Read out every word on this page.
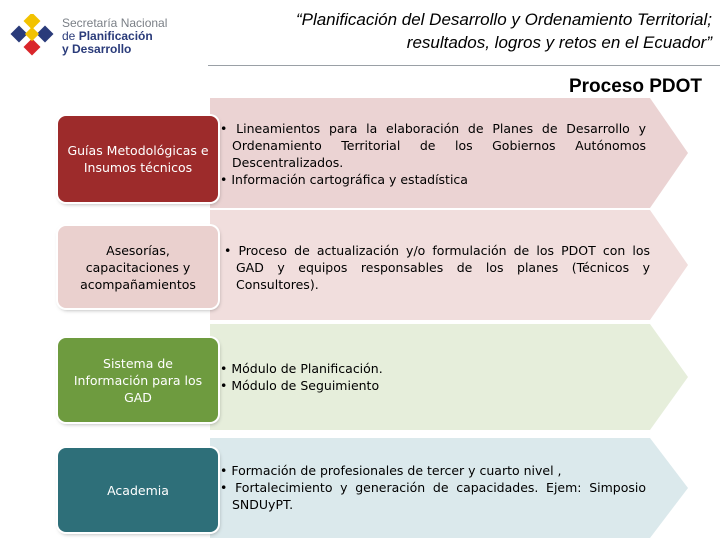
Secretaría Nacional
de Planificación
y Desarrollo
“Planificación del Desarrollo y Ordenamiento Territorial;
resultados, logros y retos en el Ecuador”
Proceso PDOT
• Lineamientos para la elaboración de Planes de Desarrollo y Ordenamiento Territorial de los Gobiernos Autónomos Descentralizados.
• Información cartográfica y estadística
Guías Metodológicas e Insumos técnicos
• Proceso de actualización y/o formulación de los PDOT con los GAD y equipos responsables de los planes (Técnicos y Consultores).
Asesorías, capacitaciones y acompañamientos
• Módulo de Planificación.
• Módulo de Seguimiento
Sistema de Información para los GAD
• Formación de profesionales de tercer y cuarto nivel ,
• Fortalecimiento y generación de capacidades. Ejem: Simposio SNDUyPT.
Academia
